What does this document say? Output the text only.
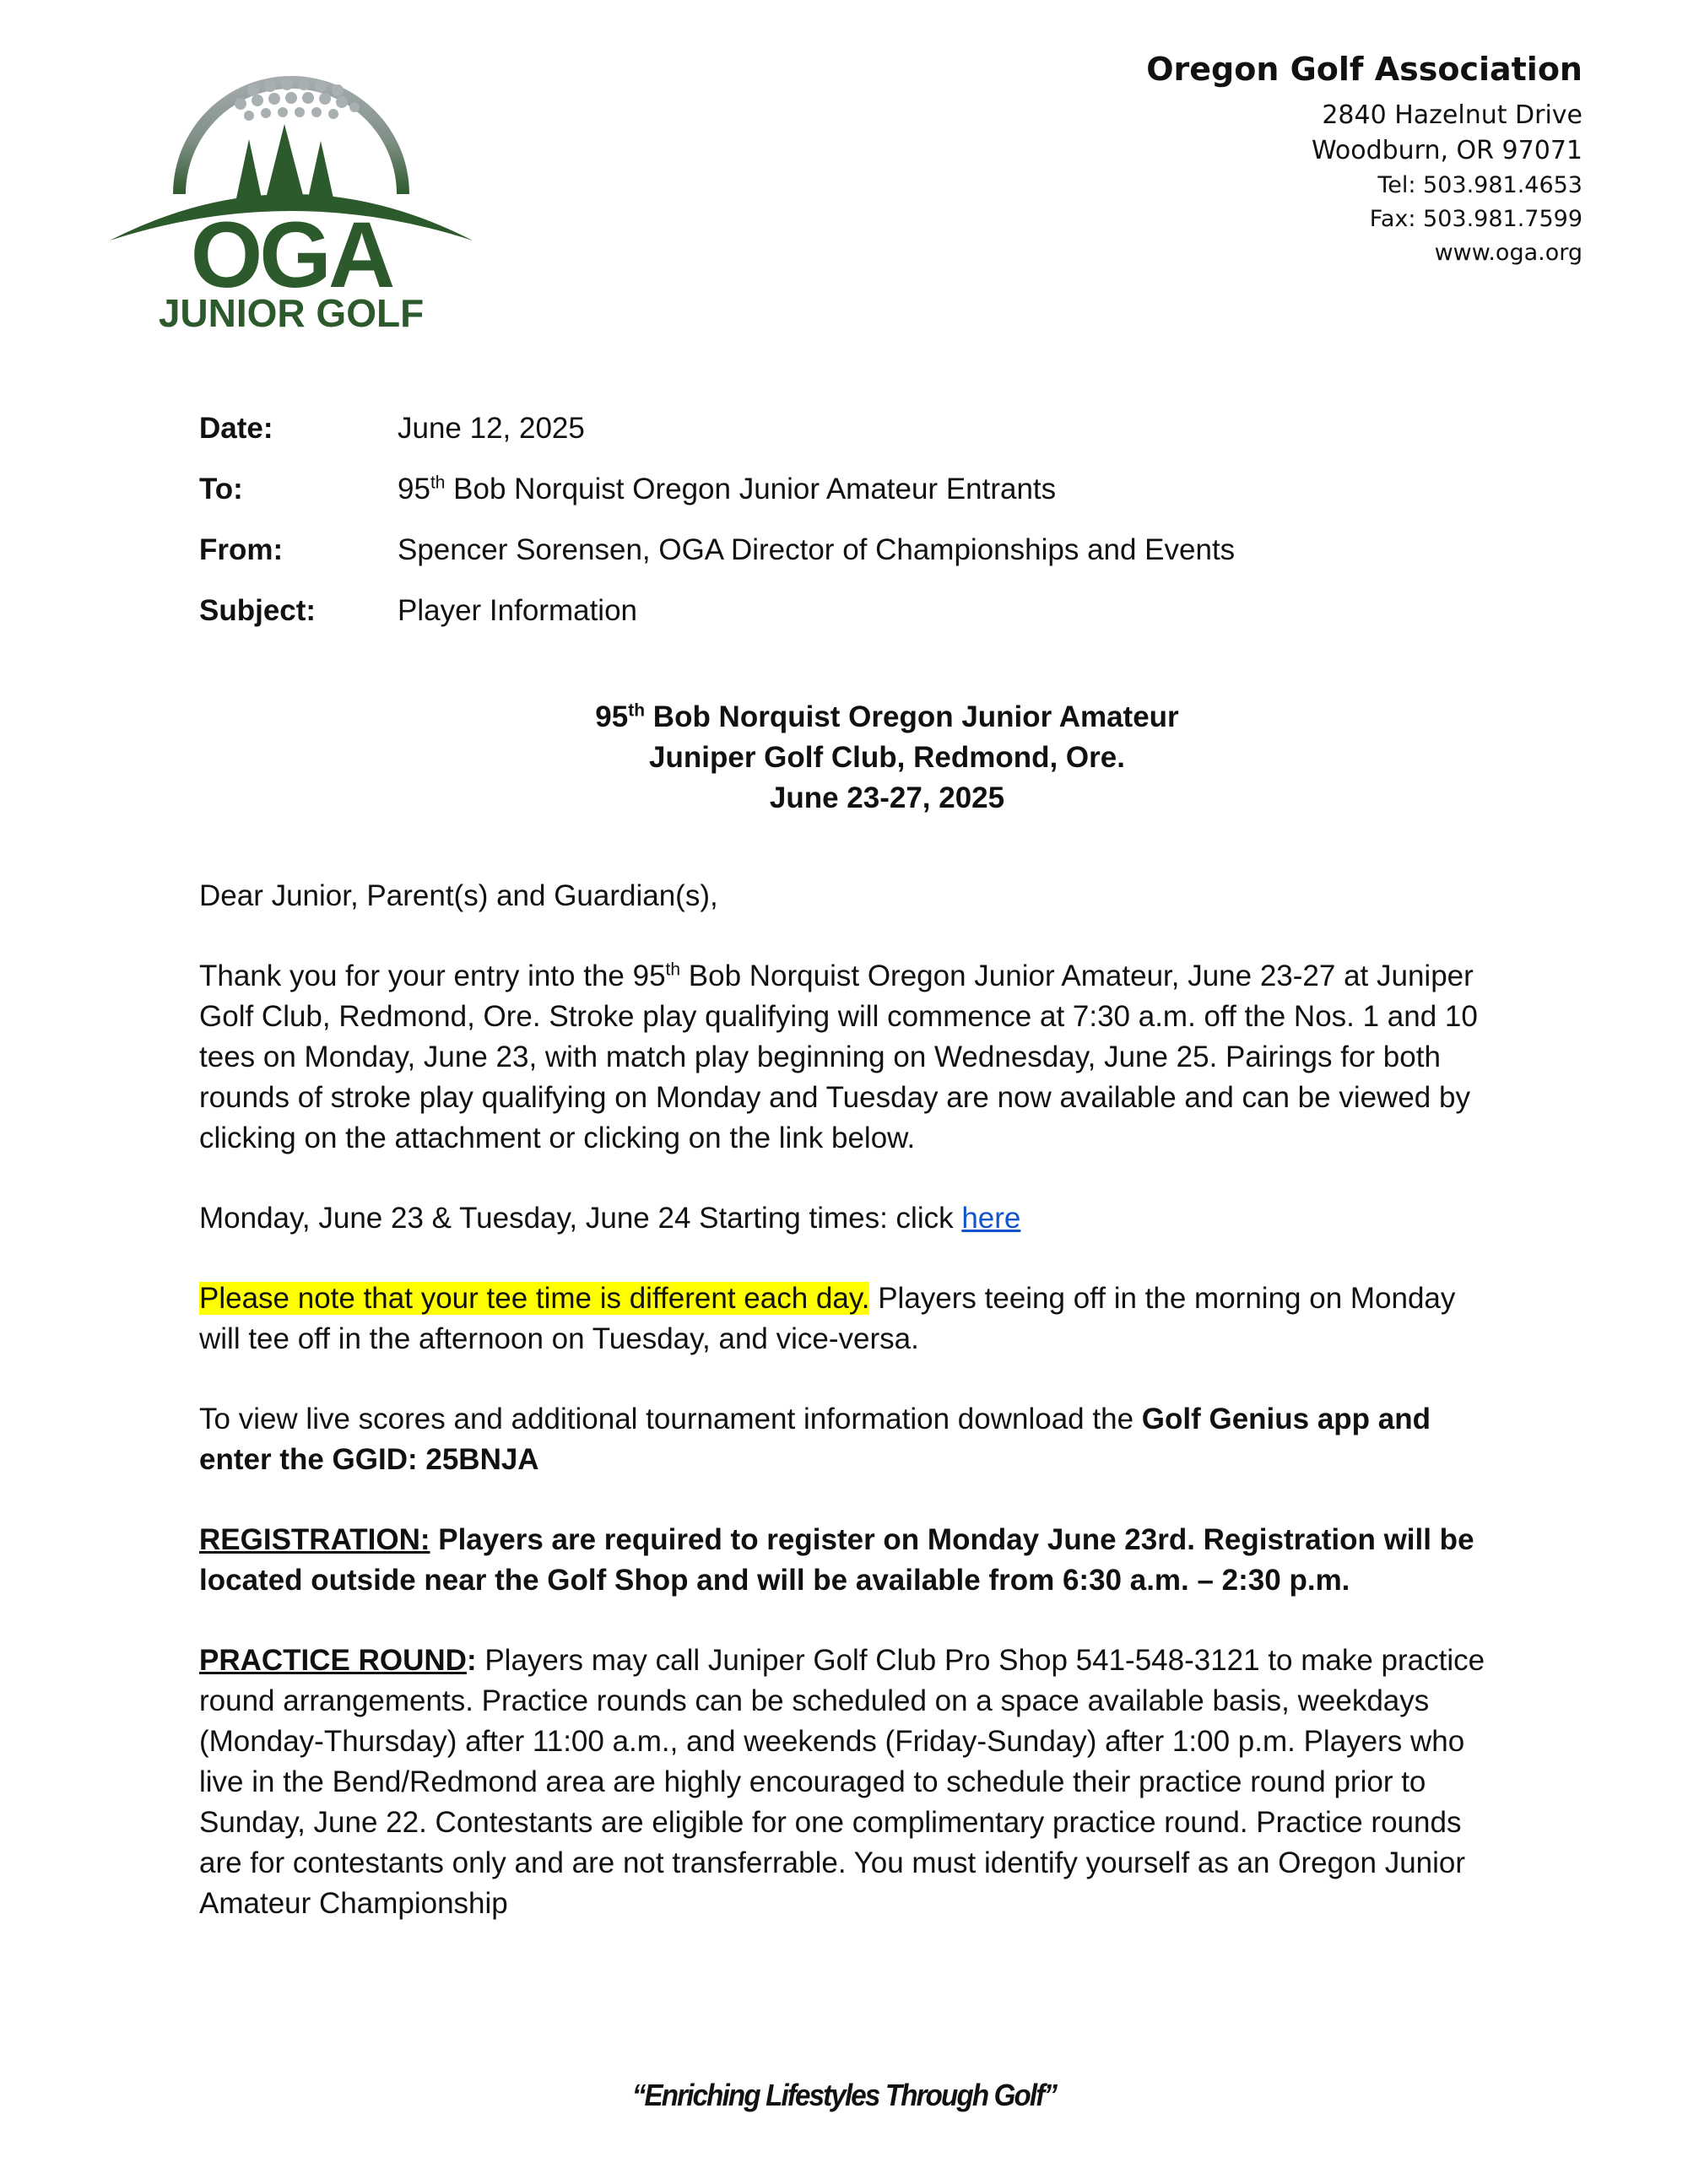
OGA
JUNIOR GOLF
Oregon Golf Association
2840 Hazelnut Drive
Woodburn, OR 97071
Tel: 503.981.4653
Fax: 503.981.7599
www.oga.org
Date:	June 12, 2025
To:	95th Bob Norquist Oregon Junior Amateur Entrants
From:	Spencer Sorensen, OGA Director of Championships and Events
Subject:	Player Information
95th Bob Norquist Oregon Junior Amateur
Juniper Golf Club, Redmond, Ore.
June 23-27, 2025

Dear Junior, Parent(s) and Guardian(s),

Thank you for your entry into the 95th Bob Norquist Oregon Junior Amateur, June 23-27 at Juniper Golf Club, Redmond, Ore. Stroke play qualifying will commence at 7:30 a.m. off the Nos. 1 and 10 tees on Monday, June 23, with match play beginning on Wednesday, June 25. Pairings for both rounds of stroke play qualifying on Monday and Tuesday are now available and can be viewed by clicking on the attachment or clicking on the link below.

Monday, June 23 & Tuesday, June 24 Starting times: click here

Please note that your tee time is different each day. Players teeing off in the morning on Monday will tee off in the afternoon on Tuesday, and vice-versa.

To view live scores and additional tournament information download the Golf Genius app and enter the GGID: 25BNJA

REGISTRATION: Players are required to register on Monday June 23rd. Registration will be located outside near the Golf Shop and will be available from 6:30 a.m. – 2:30 p.m.

PRACTICE ROUND: Players may call Juniper Golf Club Pro Shop 541-548-3121 to make practice round arrangements. Practice rounds can be scheduled on a space available basis, weekdays (Monday-Thursday) after 11:00 a.m., and weekends (Friday-Sunday) after 1:00 p.m. Players who live in the Bend/Redmond area are highly encouraged to schedule their practice round prior to Sunday, June 22. Contestants are eligible for one complimentary practice round. Practice rounds are for contestants only and are not transferrable. You must identify yourself as an Oregon Junior Amateur Championship

“Enriching Lifestyles Through Golf”
